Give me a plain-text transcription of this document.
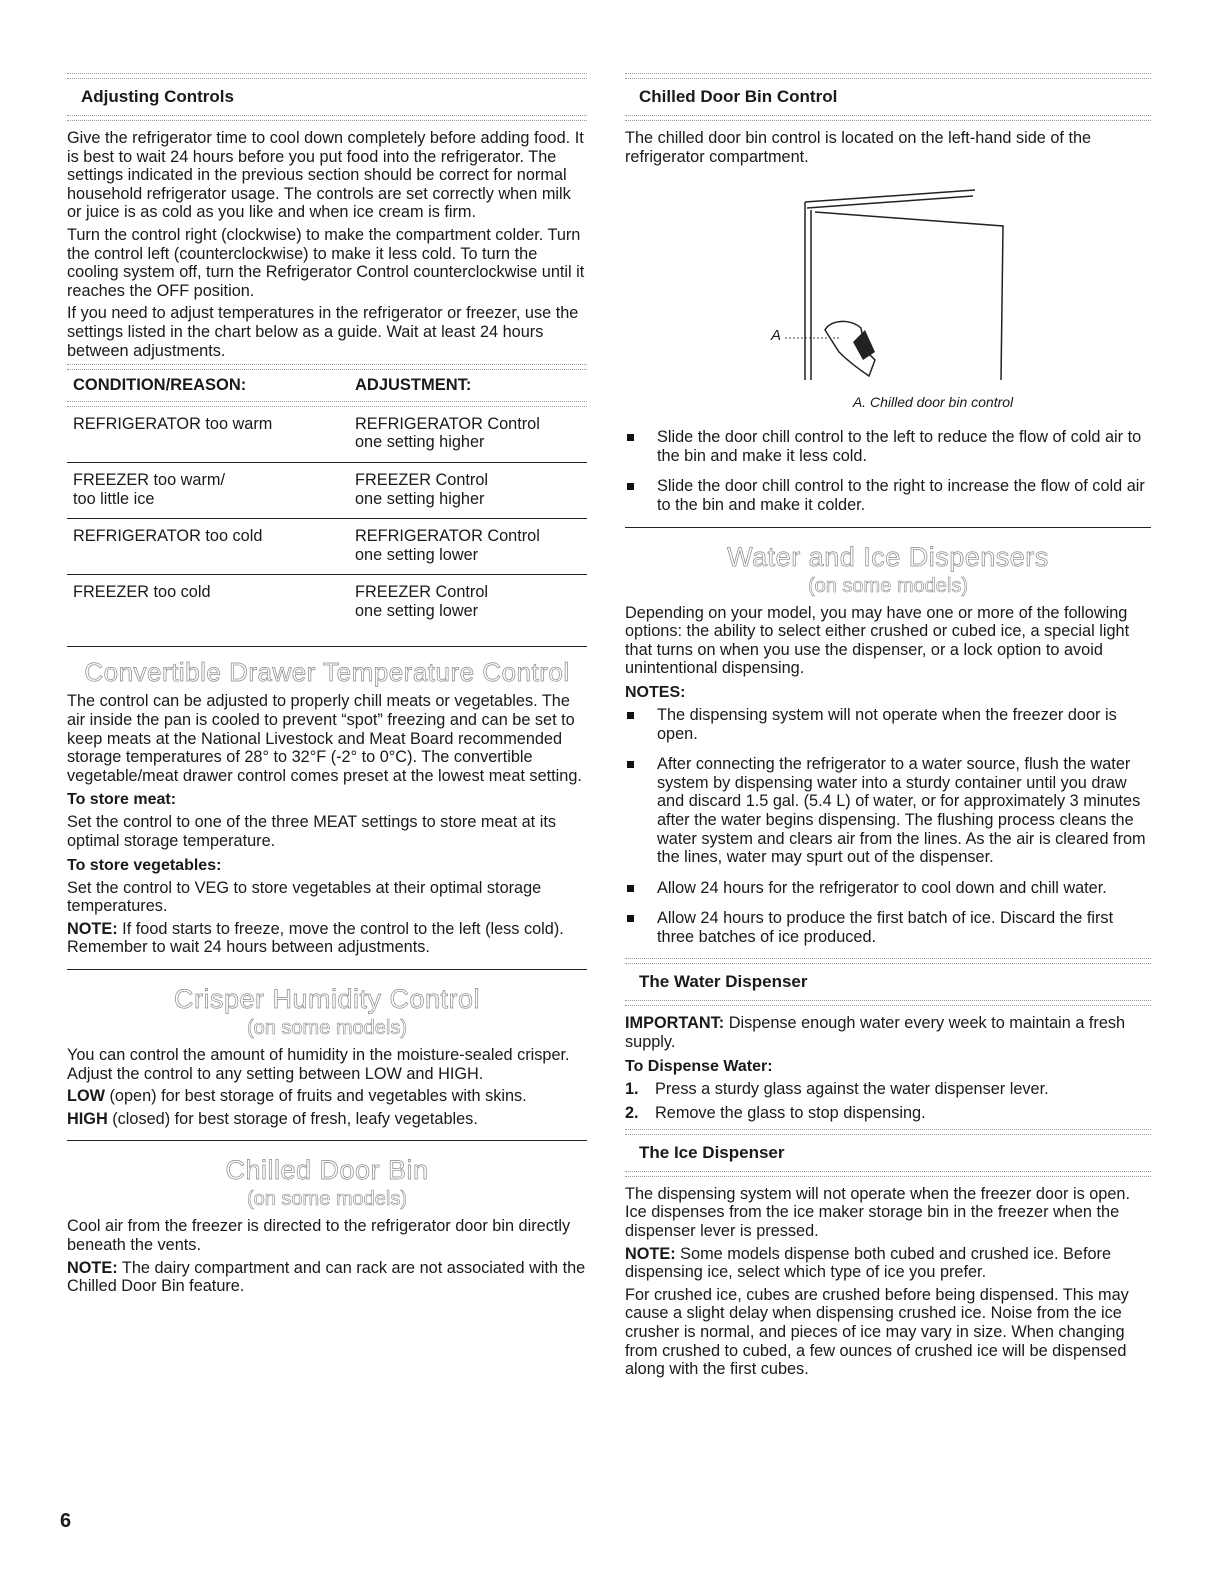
Adjusting Controls

Give the refrigerator time to cool down completely before adding food. It is best to wait 24 hours before you put food into the refrigerator. The settings indicated in the previous section should be correct for normal household refrigerator usage. The controls are set correctly when milk or juice is as cold as you like and when ice cream is firm.

Turn the control right (clockwise) to make the compartment colder. Turn the control left (counterclockwise) to make it less cold. To turn the cooling system off, turn the Refrigerator Control counterclockwise until it reaches the OFF position.

If you need to adjust temperatures in the refrigerator or freezer, use the settings listed in the chart below as a guide. Wait at least 24 hours between adjustments.

CONDITION/REASON:	ADJUSTMENT:

REFRIGERATOR too warm	REFRIGERATOR Control
one setting higher
FREEZER too warm/
too little ice	FREEZER Control
one setting higher
REFRIGERATOR too cold	REFRIGERATOR Control
one setting lower
FREEZER too cold	FREEZER Control
one setting lower
Convertible Drawer Temperature Control

The control can be adjusted to properly chill meats or vegetables. The air inside the pan is cooled to prevent “spot” freezing and can be set to keep meats at the National Livestock and Meat Board recommended storage temperatures of 28° to 32°F (-2° to 0°C). The convertible vegetable/meat drawer control comes preset at the lowest meat setting.

To store meat:

Set the control to one of the three MEAT settings to store meat at its optimal storage temperature.

To store vegetables:

Set the control to VEG to store vegetables at their optimal storage temperatures.

NOTE: If food starts to freeze, move the control to the left (less cold). Remember to wait 24 hours between adjustments.

Crisper Humidity Control
(on some models)

You can control the amount of humidity in the moisture-sealed crisper. Adjust the control to any setting between LOW and HIGH.

LOW (open) for best storage of fruits and vegetables with skins.

HIGH (closed) for best storage of fresh, leafy vegetables.

Chilled Door Bin
(on some models)

Cool air from the freezer is directed to the refrigerator door bin directly beneath the vents.

NOTE: The dairy compartment and can rack are not associated with the Chilled Door Bin feature.

Chilled Door Bin Control

The chilled door bin control is located on the left-hand side of the refrigerator compartment.

A
A. Chilled door bin control
Slide the door chill control to the left to reduce the flow of cold air to the bin and make it less cold.
Slide the door chill control to the right to increase the flow of cold air to the bin and make it colder.
Water and Ice Dispensers
(on some models)

Depending on your model, you may have one or more of the following options: the ability to select either crushed or cubed ice, a special light that turns on when you use the dispenser, or a lock option to avoid unintentional dispensing.

NOTES:
The dispensing system will not operate when the freezer door is open.
After connecting the refrigerator to a water source, flush the water system by dispensing water into a sturdy container until you draw and discard 1.5 gal. (5.4 L) of water, or for approximately 3 minutes after the water begins dispensing. The flushing process cleans the water system and clears air from the lines. As the air is cleared from the lines, water may spurt out of the dispenser.
Allow 24 hours for the refrigerator to cool down and chill water.
Allow 24 hours to produce the first batch of ice. Discard the first three batches of ice produced.
The Water Dispenser

IMPORTANT: Dispense enough water every week to maintain a fresh supply.

To Dispense Water:
1. Press a sturdy glass against the water dispenser lever.
2. Remove the glass to stop dispensing.
The Ice Dispenser

The dispensing system will not operate when the freezer door is open. Ice dispenses from the ice maker storage bin in the freezer when the dispenser lever is pressed.

NOTE: Some models dispense both cubed and crushed ice. Before dispensing ice, select which type of ice you prefer.

For crushed ice, cubes are crushed before being dispensed. This may cause a slight delay when dispensing crushed ice. Noise from the ice crusher is normal, and pieces of ice may vary in size. When changing from crushed to cubed, a few ounces of crushed ice will be dispensed along with the first cubes.

6
